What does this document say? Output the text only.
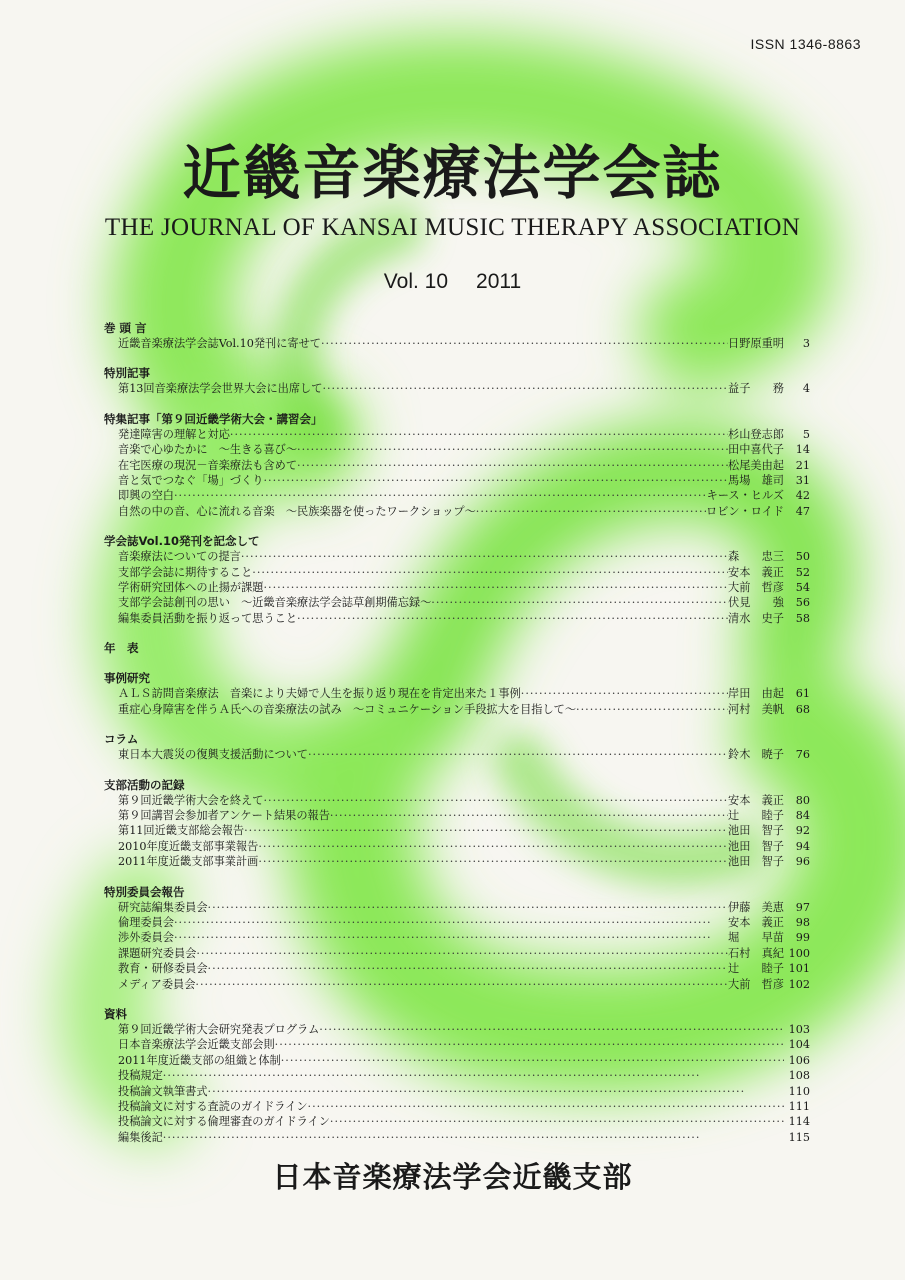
ISSN 1346-8863
近畿音楽療法学会誌
THE JOURNAL OF KANSAI MUSIC THERAPY ASSOCIATION
Vol. 10 2011
巻 頭 言
近畿音楽療法学会誌Vol.10発刊に寄せて ·····	日野原重明	3
特別記事
第13回音楽療法学会世界大会に出席して ·····	益子　　務	4
特集記事「第９回近畿学術大会・講習会」
発達障害の理解と対応 ·····	杉山登志郎	5
音楽で心ゆたかに　～生きる喜び～ ·····	田中喜代子	14
在宅医療の現況－音楽療法も含めて ·····	松尾美由起	21
音と気でつなぐ「場」づくり ·····	馬場　雄司	31
即興の空白 ·····	キース・ヒルズ	42
自然の中の音、心に流れる音楽　～民族楽器を使ったワークショップ～ ·····	ロビン・ロイド	47
学会誌Vol.10発刊を記念して
音楽療法についての提言 ·····	森　　忠三	50
支部学会誌に期待すること ·····	安本　義正	52
学術研究団体への止揚が課題 ·····	大前　哲彦	54
支部学会誌創刊の思い　～近畿音楽療法学会誌草創期備忘録～ ·····	伏見　　強	56
編集委員活動を振り返って思うこと ·····	清水　史子	58
年　表
事例研究
ＡＬＳ訪問音楽療法　音楽により夫婦で人生を振り返り現在を肯定出来た１事例 ·····	岸田　由起	61
重症心身障害を伴うＡ氏への音楽療法の試み　～コミュニケーション手段拡大を目指して～ ·····	河村　美帆	68
コラム
東日本大震災の復興支援活動について ·····	鈴木　暁子	76
支部活動の記録
第９回近畿学術大会を終えて ·····	安本　義正	80
第９回講習会参加者アンケート結果の報告 ·····	辻　　睦子	84
第11回近畿支部総会報告 ·····	池田　智子	92
2010年度近畿支部事業報告 ·····	池田　智子	94
2011年度近畿支部事業計画 ·····	池田　智子	96
特別委員会報告
研究誌編集委員会 ·····	伊藤　美恵	97
倫理委員会 ·····	安本　義正	98
渉外委員会 ·····	堀　　早苗	99
課題研究委員会 ·····	石村　真紀 100
教育・研修委員会 ·····	辻　　睦子 101
メディア委員会 ·····	大前　哲彦 102
資料
第９回近畿学術大会研究発表プログラム ·····	103
日本音楽療法学会近畿支部会則 ·····	104
2011年度近畿支部の組織と体制 ·····	106
投稿規定 ·····	108
投稿論文執筆書式 ·····	110
投稿論文に対する査読のガイドライン ·····	111
投稿論文に対する倫理審査のガイドライン ·····	114
編集後記 ·····	115
日本音楽療法学会近畿支部
